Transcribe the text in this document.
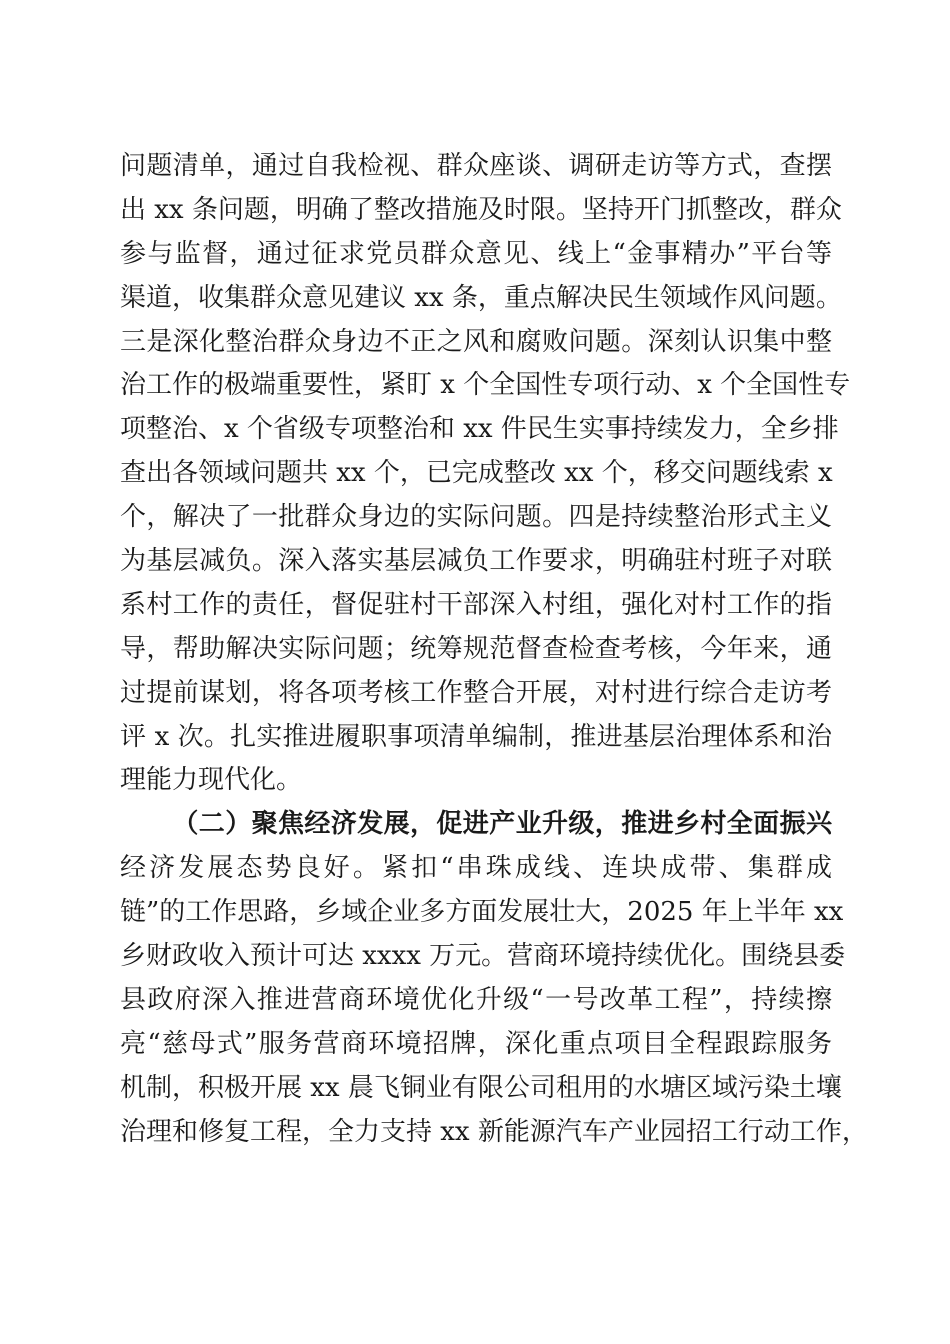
问题清单，通过自我检视、群众座谈、调研走访等方式，查摆
出 xx 条问题，明确了整改措施及时限。坚持开门抓整改，群众
参与监督，通过征求党员群众意见、线上“金事精办”平台等
渠道，收集群众意见建议 xx 条，重点解决民生领域作风问题。
三是深化整治群众身边不正之风和腐败问题。深刻认识集中整
治工作的极端重要性，紧盯 x 个全国性专项行动、x 个全国性专
项整治、x 个省级专项整治和 xx 件民生实事持续发力，全乡排
查出各领域问题共 xx 个，已完成整改 xx 个，移交问题线索 x
个，解决了一批群众身边的实际问题。四是持续整治形式主义
为基层减负。深入落实基层减负工作要求，明确驻村班子对联
系村工作的责任，督促驻村干部深入村组，强化对村工作的指
导，帮助解决实际问题；统筹规范督查检查考核，今年来，通
过提前谋划，将各项考核工作整合开展，对村进行综合走访考
评 x 次。扎实推进履职事项清单编制，推进基层治理体系和治
理能力现代化。
（二）聚焦经济发展，促进产业升级，推进乡村全面振兴
经济发展态势良好。紧扣“串珠成线、连块成带、集群成
链”的工作思路，乡域企业多方面发展壮大，2025 年上半年 xx
乡财政收入预计可达 xxxx 万元。营商环境持续优化。围绕县委
县政府深入推进营商环境优化升级“一号改革工程”，持续擦
亮“慈母式”服务营商环境招牌，深化重点项目全程跟踪服务
机制，积极开展 xx 晨飞铜业有限公司租用的水塘区域污染土壤
治理和修复工程，全力支持 xx 新能源汽车产业园招工行动工作，
